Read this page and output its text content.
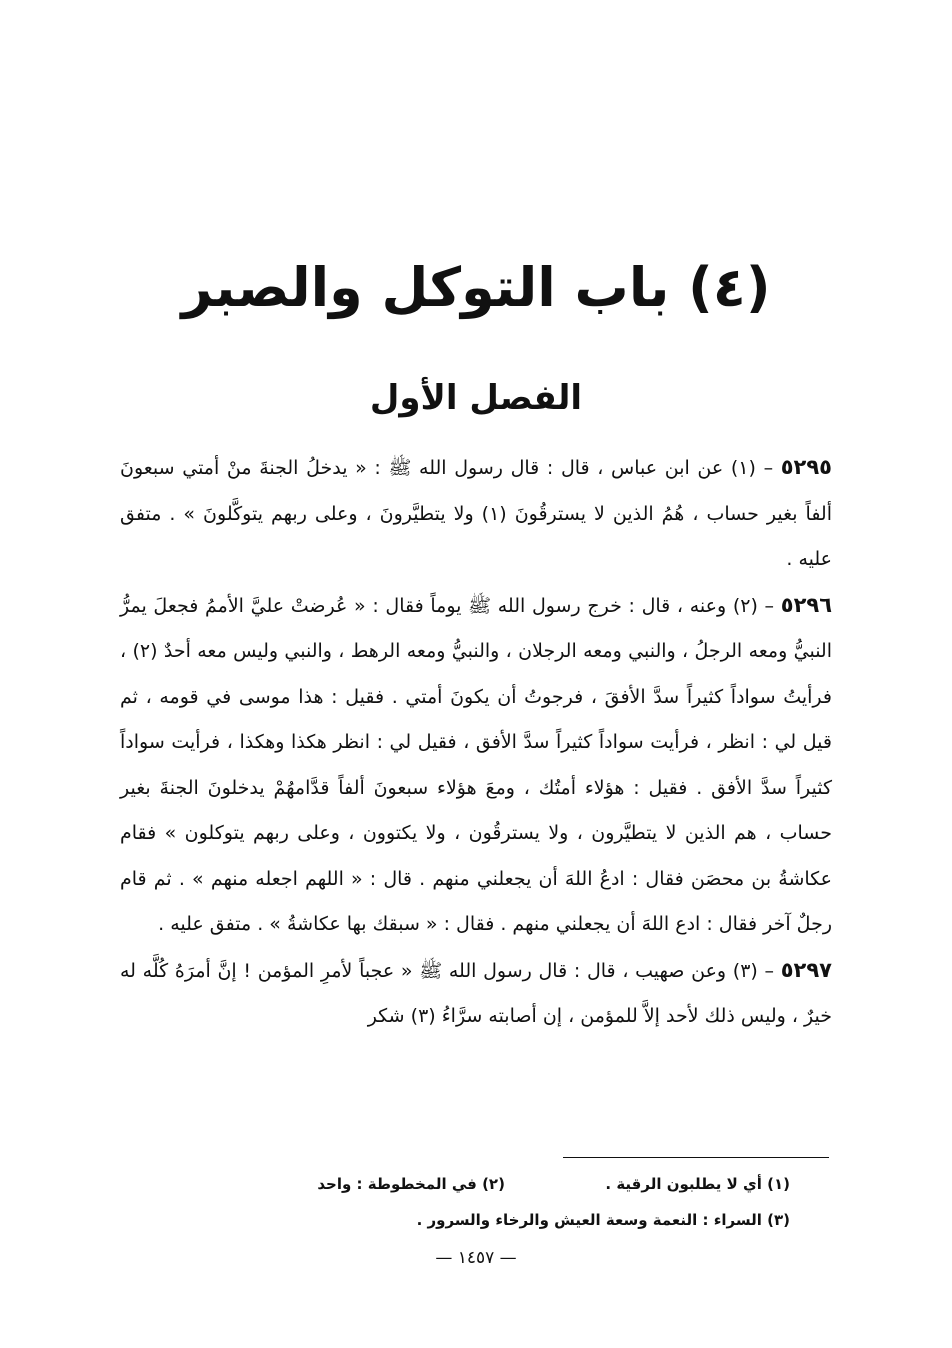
(٤) باب التوكل والصبر
الفصل الأول

٥٢٩٥ – (١) عن ابن عباس ، قال : قال رسول الله ﷺ : « يدخلُ الجنةَ منْ أمتي سبعونَ ألفاً بغير حساب ، هُمُ الذين لا يسترقُونَ (١) ولا يتطيَّرونَ ، وعلى ربهم يتوكَّلونَ » . متفق عليه .

٥٢٩٦ – (٢) وعنه ، قال : خرج رسول الله ﷺ يوماً فقال : « عُرضتْ عليَّ الأممُ فجعلَ يمرُّ النبيُّ ومعه الرجلُ ، والنبي ومعه الرجلان ، والنبيُّ ومعه الرهط ، والنبي وليس معه أحدٌ (٢) ، فرأيتُ سواداً كثيراً سدَّ الأفقَ ، فرجوتُ أن يكونَ أمتي . فقيل : هذا موسى في قومه ، ثم قيل لي : انظر ، فرأيت سواداً كثيراً سدَّ الأفق ، فقيل لي : انظر هكذا وهكذا ، فرأيت سواداً كثيراً سدَّ الأفق . فقيل : هؤلاء أمتُك ، ومعَ هؤلاء سبعونَ ألفاً قدَّامهُمْ يدخلونَ الجنةَ بغير حساب ، هم الذين لا يتطيَّرون ، ولا يسترقُون ، ولا يكتوون ، وعلى ربهم يتوكلون » فقام عكاشةُ بن محصَن فقال : ادعُ اللهَ أن يجعلني منهم . قال : « اللهم اجعله منهم » . ثم قام رجلٌ آخر فقال : ادع اللهَ أن يجعلني منهم . فقال : « سبقك بها عكاشةُ » . متفق عليه .

٥٢٩٧ – (٣) وعن صهيب ، قال : قال رسول الله ﷺ « عجباً لأمرِ المؤمن ! إنَّ أمرَهُ كُلَّه له خيرٌ ، وليس ذلك لأحد إلاَّ للمؤمن ، إن أصابته سرَّاءُ (٣) شكر

(١) أي لا يطلبون الرقية .  (٢) في المخطوطة : واحد
(٣) السراء : النعمة وسعة العيش والرخاء والسرور .
— ١٤٥٧ —
